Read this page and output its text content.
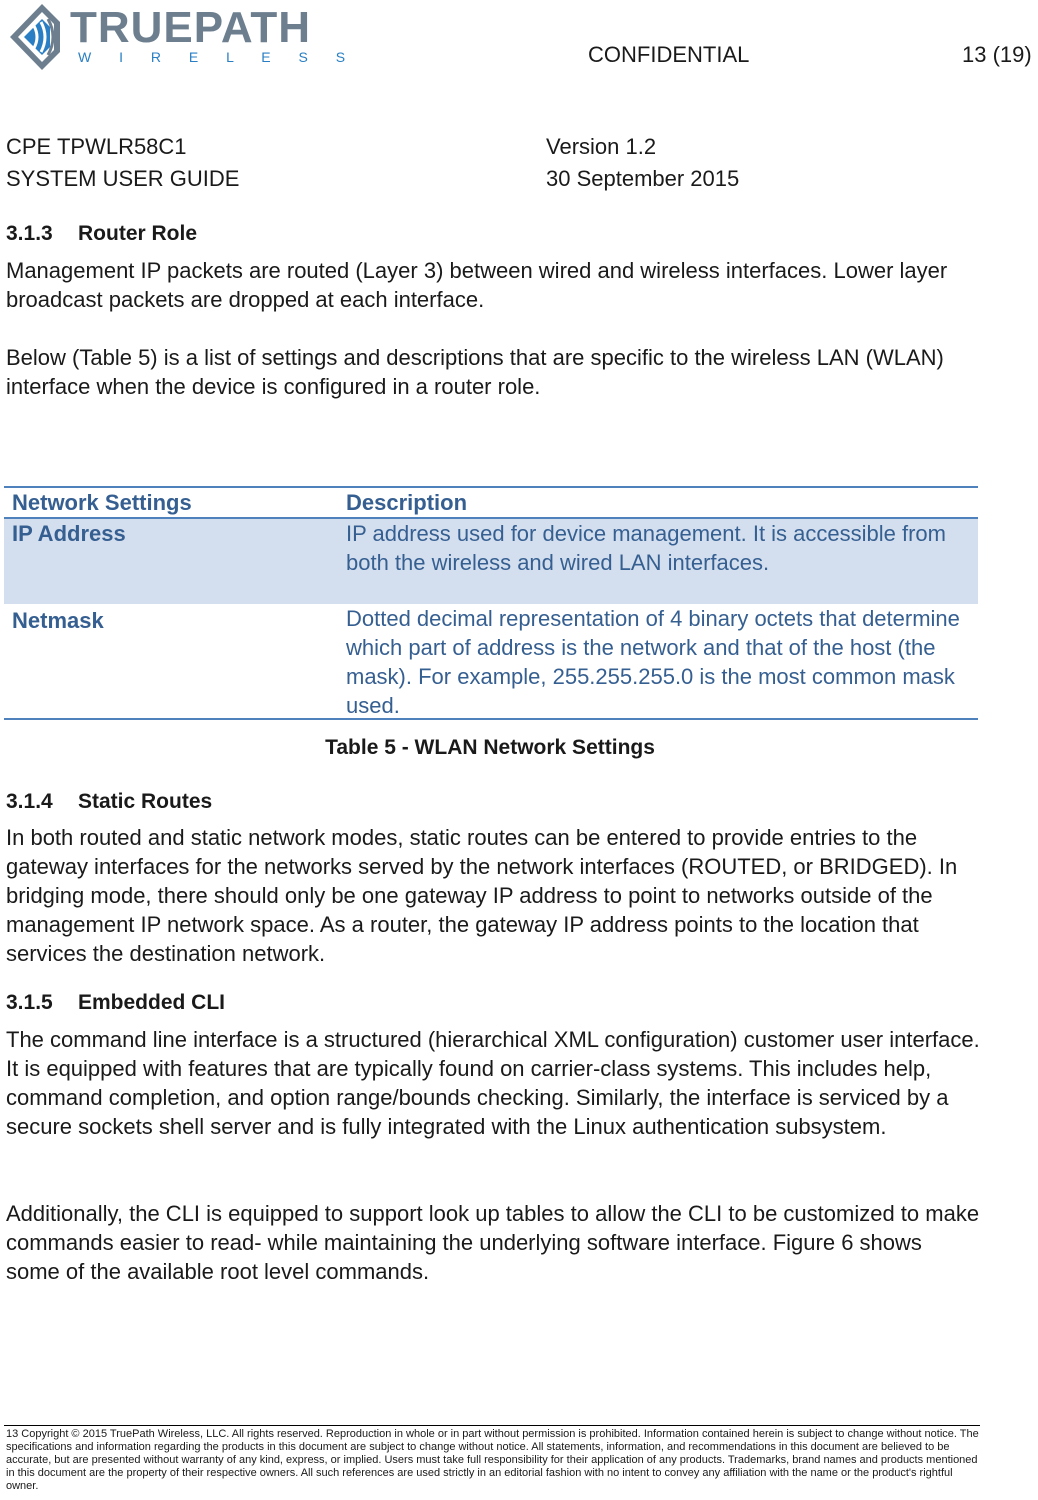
TRUEPATH
W I R E L E S S	CONFIDENTIAL	13 (19)
CPE TPWLR58C1
SYSTEM USER GUIDE
Version 1.2
30 September 2015
3.1.3 Router Role

Management IP packets are routed (Layer 3) between wired and wireless interfaces. Lower layer broadcast packets are dropped at each interface.

Below (Table 5) is a list of settings and descriptions that are specific to the wireless LAN (WLAN) interface when the device is configured in a router role.

Network Settings	Description
IP Address	IP address used for device management. It is accessible from both the wireless and wired LAN interfaces.
Netmask	Dotted decimal representation of 4 binary octets that determine which part of address is the network and that of the host (the mask). For example, 255.255.255.0 is the most common mask used.
Table 5 - WLAN Network Settings
3.1.4 Static Routes

In both routed and static network modes, static routes can be entered to provide entries to the gateway interfaces for the networks served by the network interfaces (ROUTED, or BRIDGED). In bridging mode, there should only be one gateway IP address to point to networks outside of the management IP network space. As a router, the gateway IP address points to the location that services the destination network.

3.1.5 Embedded CLI

The command line interface is a structured (hierarchical XML configuration) customer user interface. It is equipped with features that are typically found on carrier-class systems. This includes help, command completion, and option range/bounds checking. Similarly, the interface is serviced by a secure sockets shell server and is fully integrated with the Linux authentication subsystem.

Additionally, the CLI is equipped to support look up tables to allow the CLI to be customized to make commands easier to read- while maintaining the underlying software interface. Figure 6 shows some of the available root level commands.

13 Copyright © 2015 TruePath Wireless, LLC. All rights reserved. Reproduction in whole or in part without permission is prohibited. Information contained herein is subject to change without notice. The specifications and information regarding the products in this document are subject to change without notice. All statements, information, and recommendations in this document are believed to be accurate, but are presented without warranty of any kind, express, or implied. Users must take full responsibility for their application of any products. Trademarks, brand names and products mentioned in this document are the property of their respective owners. All such references are used strictly in an editorial fashion with no intent to convey any affiliation with the name or the product's rightful owner.
